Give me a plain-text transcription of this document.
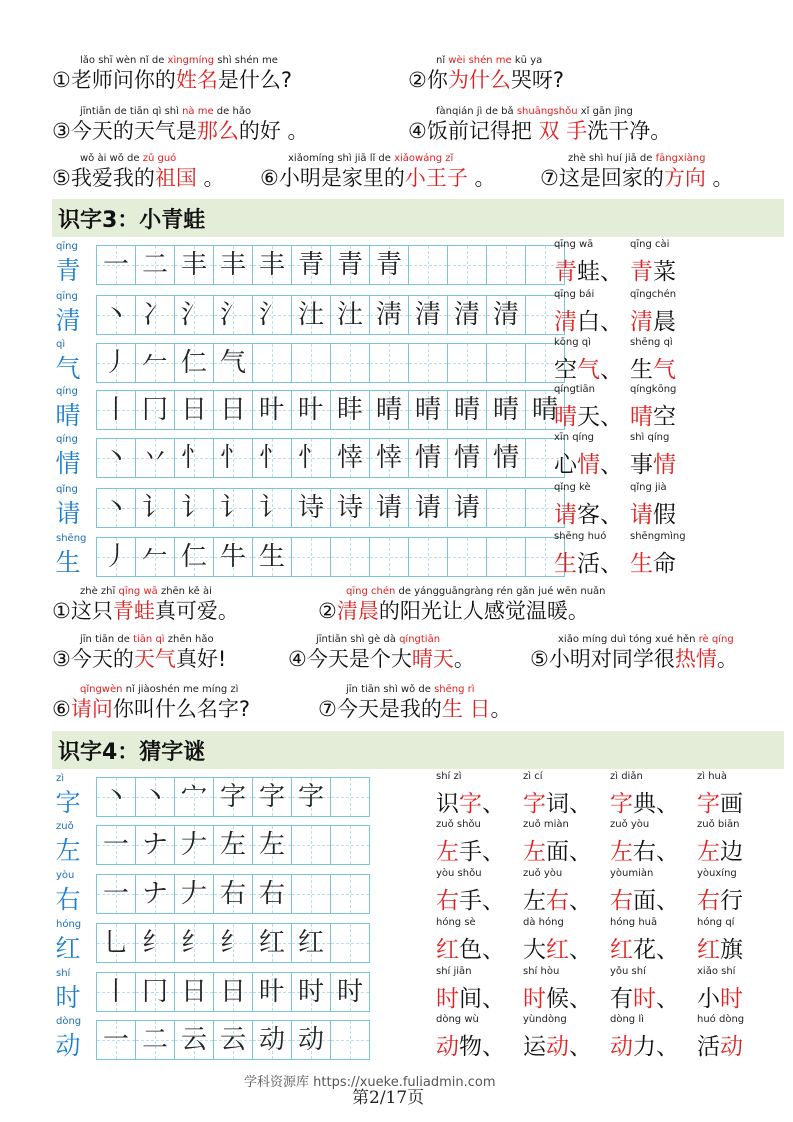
lǎo shī wèn nǐ de xìngmíng shì shén me
①老师问你的姓名是什么?
nǐ wèi shén me kū ya
②你为什么哭呀?
jīntiān de tiān qì shì nà me de hǎo
③今天的天气是那么的好 。
fànqián jì de bǎ shuāngshǒu xǐ gān jìng
④饭前记得把 双 手洗干净。
wǒ ài wǒ de zǔ guó
⑤我爱我的祖国 。
xiǎomíng shì jiā lǐ de xiǎowáng zǐ
⑥小明是家里的小王子 。
zhè shì huí jiā de fāngxiàng
⑦这是回家的方向 。
识字3：小青蛙
识字4：猜字谜
qīng
青 一 二 丰 丰 丰 青 青 青
qīng wā
青蛙、
qīng cài
青菜
qīng
清 丶 冫 氵 氵 氵 汢 汢 淸 清 清 清
qīng bái
清白、
qīngchén
清晨
qì
气 丿 𠂉 仁 气
kōng qì
空气、
shēng qì
生气
qíng
晴 丨 冂 日 日 旪 旪 盽 晴 晴 晴 晴 晴
qíngtiān
晴天、
qíngkōng
晴空
qíng
情 丶 丷 忄 忄 忄 忄 悻 悻 情 情 情
xīn qíng
心情、
shì qíng
事情
qǐng
请 丶 讠 讠 讠 讠 诗 诗 请 请 请
qǐng kè
请客、
qǐng jià
请假
shēng
生 丿 𠂉 仁 牛 生
shēng huó
生活、
shēngmìng
生命
zhè zhī qīng wā zhēn kě ài
①这只青蛙真可爱。
qīng chén de yángguāngràng rén gǎn jué wēn nuǎn
②清晨的阳光让人感觉温暖。
jīn tiān de tiān qì zhēn hǎo
③今天的天气真好!
jīntiān shì gè dà qíngtiān
④今天是个大晴天。
xiǎo míng duì tóng xué hěn rè qíng
⑤小明对同学很热情。
qǐngwèn nǐ jiàoshén me míng zì
⑥请问你叫什么名字?
jīn tiān shì wǒ de shēng rì
⑦今天是我的生 日。
zì
字 丶 丶 宀 字 字 字
shí zì
识字、
zì cí
字词、
zì diǎn
字典、
zì huà
字画
zuǒ
左 一 ナ 𠂇 左 左
zuǒ shǒu
左手、
zuǒ miàn
左面、
zuǒ yòu
左右、
zuǒ biān
左边
yòu
右 一 ナ 𠂇 右 右
yòu shǒu
右手、
zuǒ yòu
左右、
yòumiàn
右面、
yòuxíng
右行
hóng
红 乚 纟 纟 纟 红 红
hóng sè
红色、
dà hóng
大红、
hóng huā
红花、
hóng qí
红旗
shí
时 丨 冂 日 日 旪 时 时
shí jiān
时间、
shí hòu
时候、
yǒu shí
有时、
xiǎo shí
小时
dòng
动 一 二 云 云 动 动
dòng wù
动物、
yùndòng
运动、
dòng lì
动力、
huó dòng
活动
学科资源库 https://xueke.fuliadmin.com
第2/17页
